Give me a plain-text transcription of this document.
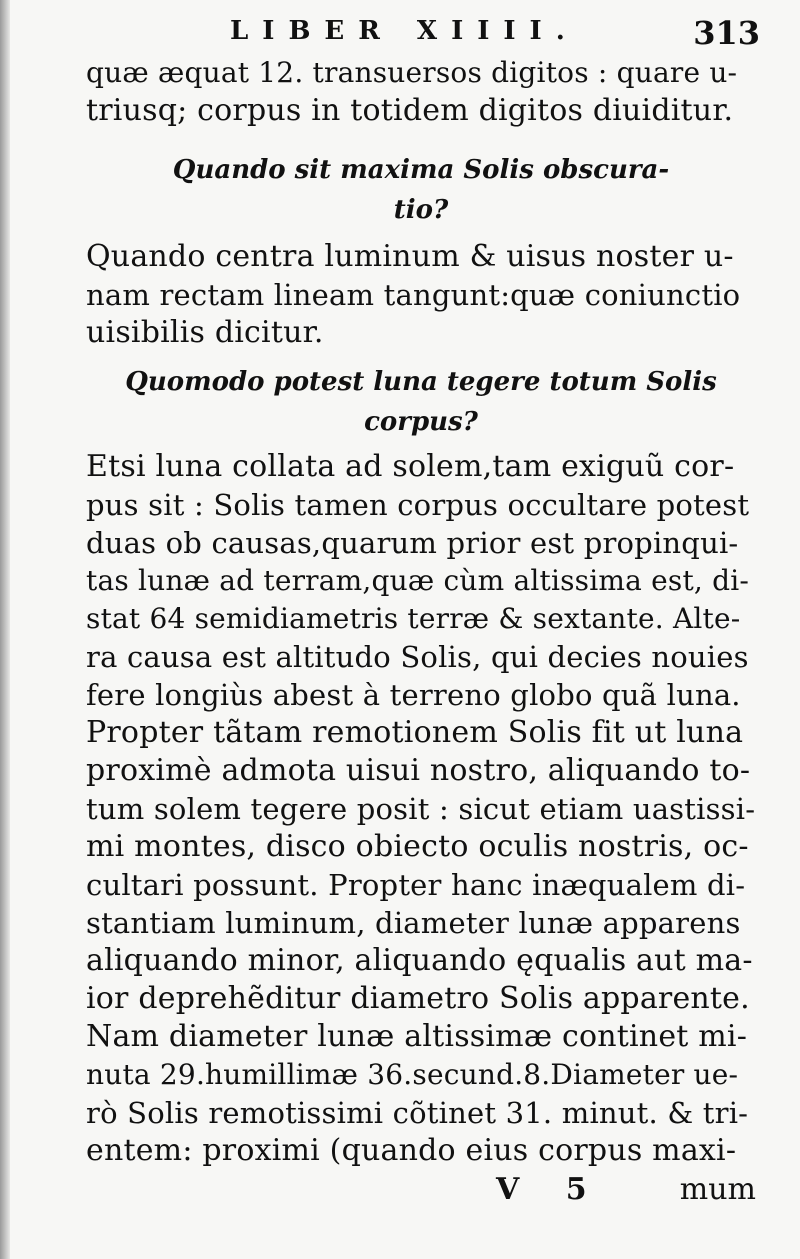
LIBER XIIII.	313
quæ æquat 12. transuersos digitos : quare u-
triusq; corpus in totidem digitos diuiditur.
Quando sit maxima Solis obscura-
tio?
Quando centra luminum & uisus noster u-
nam rectam lineam tangunt:quæ coniunctio
uisibilis dicitur.
Quomodo potest luna tegere totum Solis
corpus?
Etsi luna collata ad solem,tam exiguũ cor-
pus sit : Solis tamen corpus occultare potest
duas ob causas,quarum prior est propinqui-
tas lunæ ad terram,quæ cùm altissima est, di-
stat 64 semidiametris terræ & sextante. Alte-
ra causa est altitudo Solis, qui decies nouies
fere longiùs abest à terreno globo quã luna.
Propter tãtam remotionem Solis fit ut luna
proximè admota uisui nostro, aliquando to-
tum solem tegere posit : sicut etiam uastissi-
mi montes, disco obiecto oculis nostris, oc-
cultari possunt. Propter hanc inæqualem di-
stantiam luminum, diameter lunæ apparens
aliquando minor, aliquando ęqualis aut ma-
ior deprehẽditur diametro Solis apparente.
Nam diameter lunæ altissimæ continet mi-
nuta 29.humillimæ 36.secund.8.Diameter ue-
rò Solis remotissimi cõtinet 31. minut. & tri-
entem: proximi (quando eius corpus maxi-
V 5	mum
